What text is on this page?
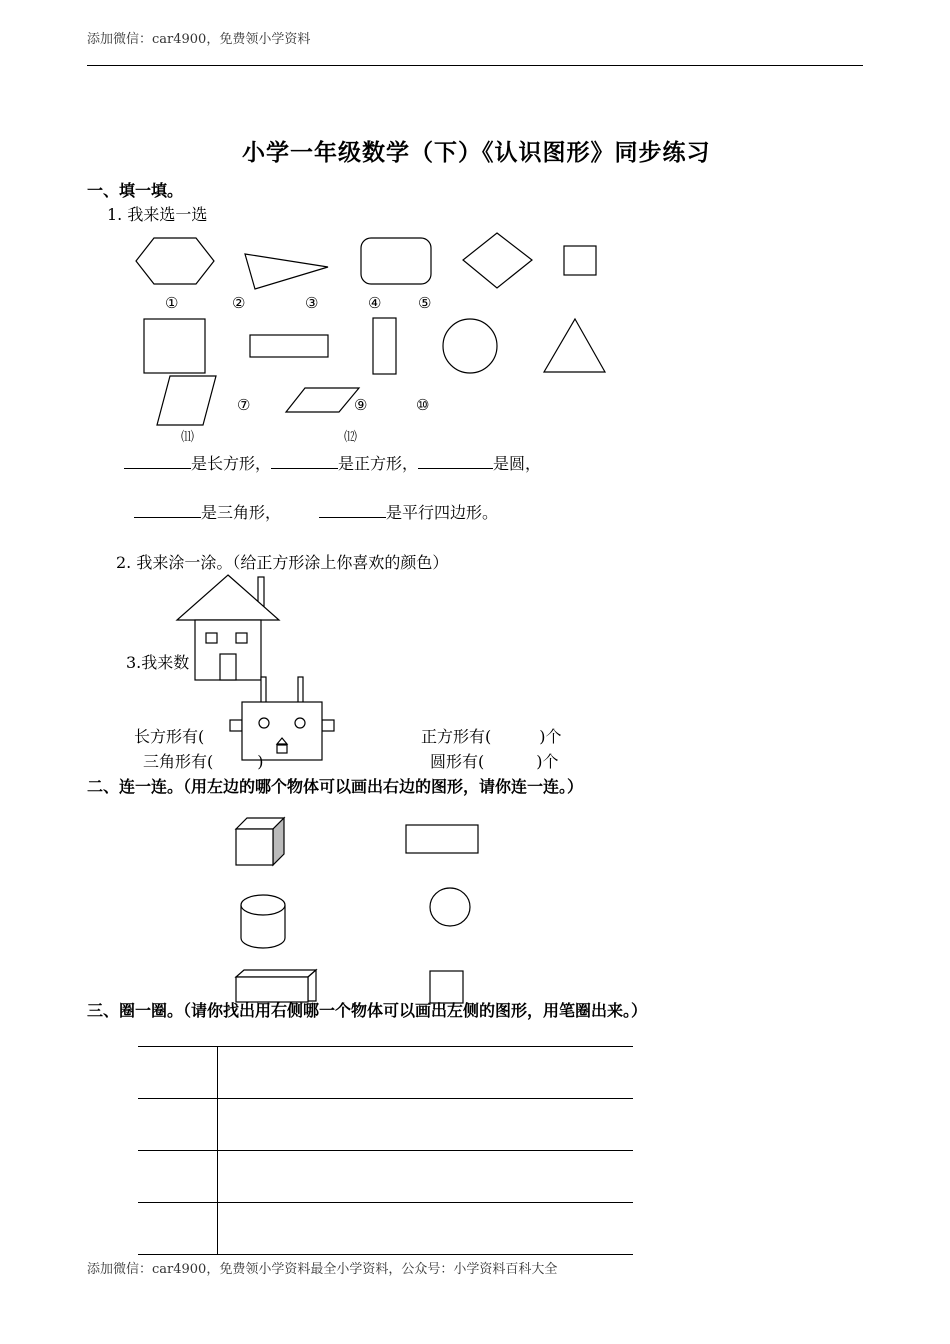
添加微信：car4900，免费领小学资料
小学一年级数学（下）《认识图形》同步练习
一、填一填。
1. 我来选一选
①	②	③	④ ⑤
⑦	⑨	⑩
⑾	⑿
是长方形，	是正方形，	是圆，
是三角形，	是平行四边形。
2. 我来涂一涂。（给正方形涂上你喜欢的颜色）
3.我来数
长方形有(	正方形有(	)个
三角形有(	)	圆形有(	)个
二、连一连。（用左边的哪个物体可以画出右边的图形，请你连一连。）
三、圈一圈。（请你找出用右侧哪一个物体可以画出左侧的图形，用笔圈出来。）
添加微信：car4900，免费领小学资料最全小学资料，公众号：小学资料百科大全
